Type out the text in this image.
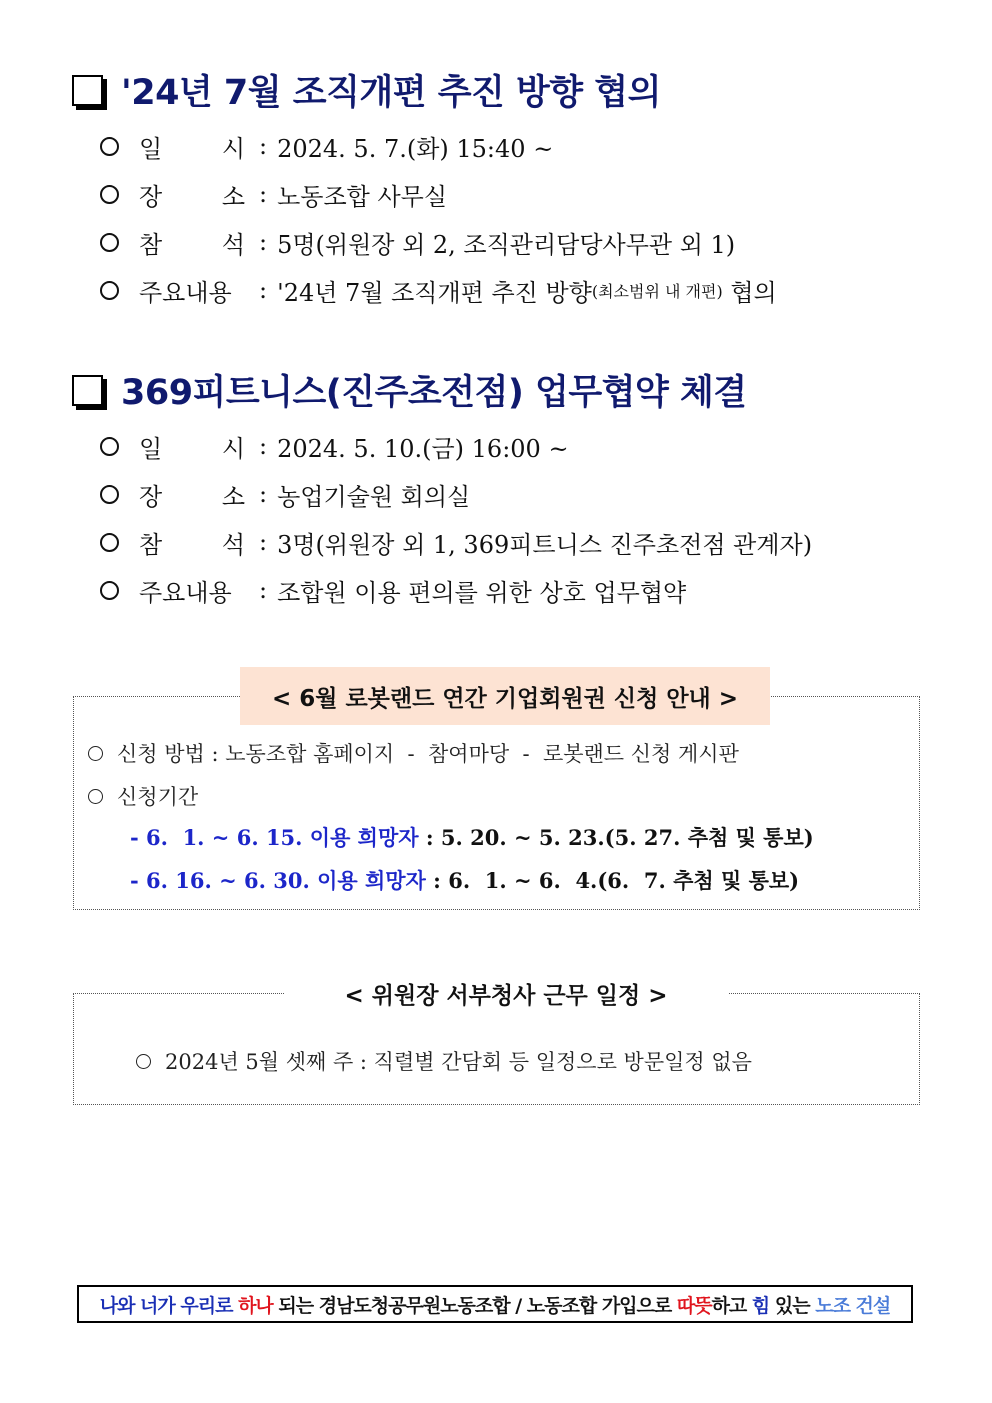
'24년 7월 조직개편 추진 방향 협의
일 시 : 2024. 5. 7.(화) 15:40 ~
장 소 : 노동조합 사무실
참 석 : 5명(위원장 외 2, 조직관리담당사무관 외 1)
주요내용 : '24년 7월 조직개편 추진 방향 (최소범위 내 개편) 협의
369피트니스(진주초전점) 업무협약 체결
일 시 : 2024. 5. 10.(금) 16:00 ~
장 소 : 농업기술원 회의실
참 석 : 3명(위원장 외 1, 369피트니스 진주초전점 관계자)
주요내용 : 조합원 이용 편의를 위한 상호 업무협약
< 6월 로봇랜드 연간 기업회원권 신청 안내 >
신청 방법 : 노동조합 홈페이지  -  참여마당  -  로봇랜드 신청 게시판
신청기간
- 6.  1. ~ 6. 15. 이용 희망자 : 5. 20. ~ 5. 23.(5. 27. 추첨 및 통보)
- 6. 16. ~ 6. 30. 이용 희망자 : 6.  1. ~ 6.  4.(6.  7. 추첨 및 통보)
< 위원장 서부청사 근무 일정 >
2024년 5월 셋째 주 : 직렬별 간담회 등 일정으로 방문일정 없음
나와 너가 우리로 하나 되는 경남도청공무원노동조합 / 노동조합 가입으로 따뜻 하고 힘 있는 노조 건설
